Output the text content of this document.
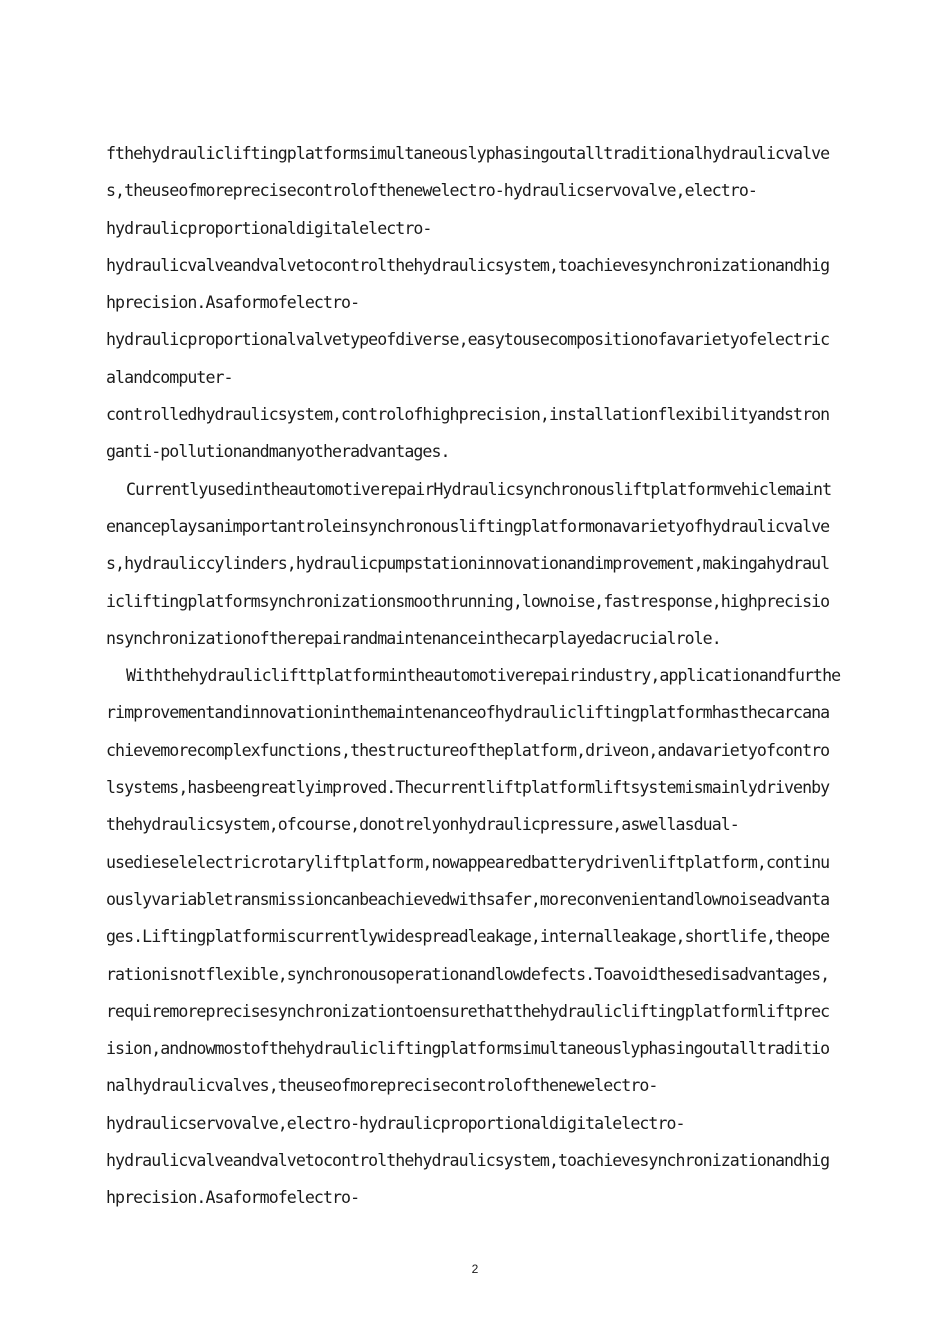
fthehydraulicliftingplatformsimultaneouslyphasingoutalltraditionalhydraulicvalve
s,theuseofmoreprecisecontrolofthenewelectro-hydraulicservovalve,electro-
hydraulicproportionaldigitalelectro-
hydraulicvalveandvalvetocontrolthehydraulicsystem,toachievesynchronizationandhig
hprecision.Asaformofelectro-
hydraulicproportionalvalvetypeofdiverse,easytousecompositionofavarietyofelectric
alandcomputer-
controlledhydraulicsystem,controlofhighprecision,installationflexibilityandstron
ganti-pollutionandmanyotheradvantages.
CurrentlyusedintheautomotiverepairHydraulicsynchronousliftplatformvehiclemaint
enanceplaysanimportantroleinsynchronousliftingplatformonavarietyofhydraulicvalve
s,hydrauliccylinders,hydraulicpumpstationinnovationandimprovement,makingahydraul
icliftingplatformsynchronizationsmoothrunning,lownoise,fastresponse,highprecisio
nsynchronizationoftherepairandmaintenanceinthecarplayedacrucialrole.
Withthehydrauliclifttplatformintheautomotiverepairindustry,applicationandfurthe
rimprovementandinnovationinthemaintenanceofhydraulicliftingplatformhasthecarcana
chievemorecomplexfunctions,thestructureoftheplatform,driveon,andavarietyofcontro
lsystems,hasbeengreatlyimproved.Thecurrentliftplatformliftsystemismainlydrivenby
thehydraulicsystem,ofcourse,donotrelyonhydraulicpressure,aswellasdual-
usedieselelectricrotaryliftplatform,nowappearedbatterydrivenliftplatform,continu
ouslyvariabletransmissioncanbeachievedwithsafer,moreconvenientandlownoiseadvanta
ges.Liftingplatformiscurrentlywidespreadleakage,internalleakage,shortlife,theope
rationisnotflexible,synchronousoperationandlowdefects.Toavoidthesedisadvantages,
requiremoreprecisesynchronizationtoensurethatthehydraulicliftingplatformliftprec
ision,andnowmostofthehydraulicliftingplatformsimultaneouslyphasingoutalltraditio
nalhydraulicvalves,theuseofmoreprecisecontrolofthenewelectro-
hydraulicservovalve,electro-hydraulicproportionaldigitalelectro-
hydraulicvalveandvalvetocontrolthehydraulicsystem,toachievesynchronizationandhig
hprecision.Asaformofelectro-
2
